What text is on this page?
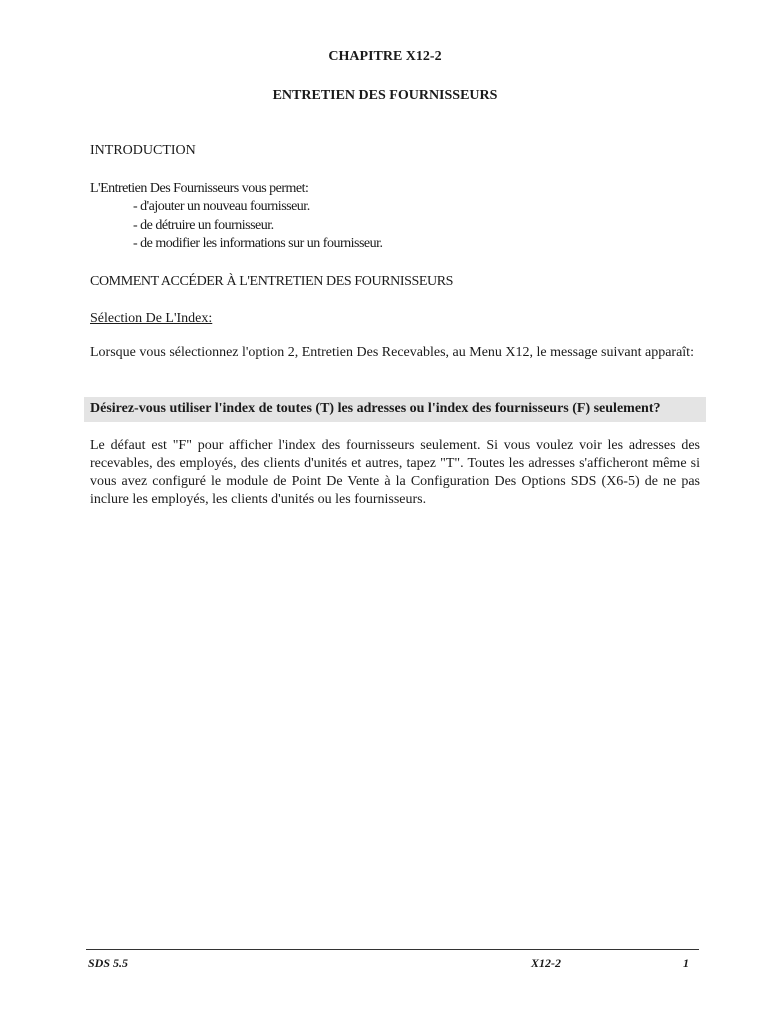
CHAPITRE X12-2
ENTRETIEN DES FOURNISSEURS
INTRODUCTION
L'Entretien Des Fournisseurs vous permet:
- d'ajouter un nouveau fournisseur.
- de détruire un fournisseur.
- de modifier les informations sur un fournisseur.
COMMENT ACCÉDER À L'ENTRETIEN DES FOURNISSEURS
Sélection De L'Index:
Lorsque vous sélectionnez l'option 2, Entretien Des Recevables, au Menu X12, le message suivant apparaît:
Désirez-vous utiliser l'index de toutes (T) les adresses ou l'index des fournisseurs (F) seulement?
Le défaut est "F" pour afficher l'index des fournisseurs seulement. Si vous voulez voir les adresses des recevables, des employés, des clients d'unités et autres, tapez "T". Toutes les adresses s'afficheront même si vous avez configuré le module de Point De Vente à la Configuration Des Options SDS (X6-5) de ne pas inclure les employés, les clients d'unités ou les fournisseurs.
SDS 5.5	X12-2	1
